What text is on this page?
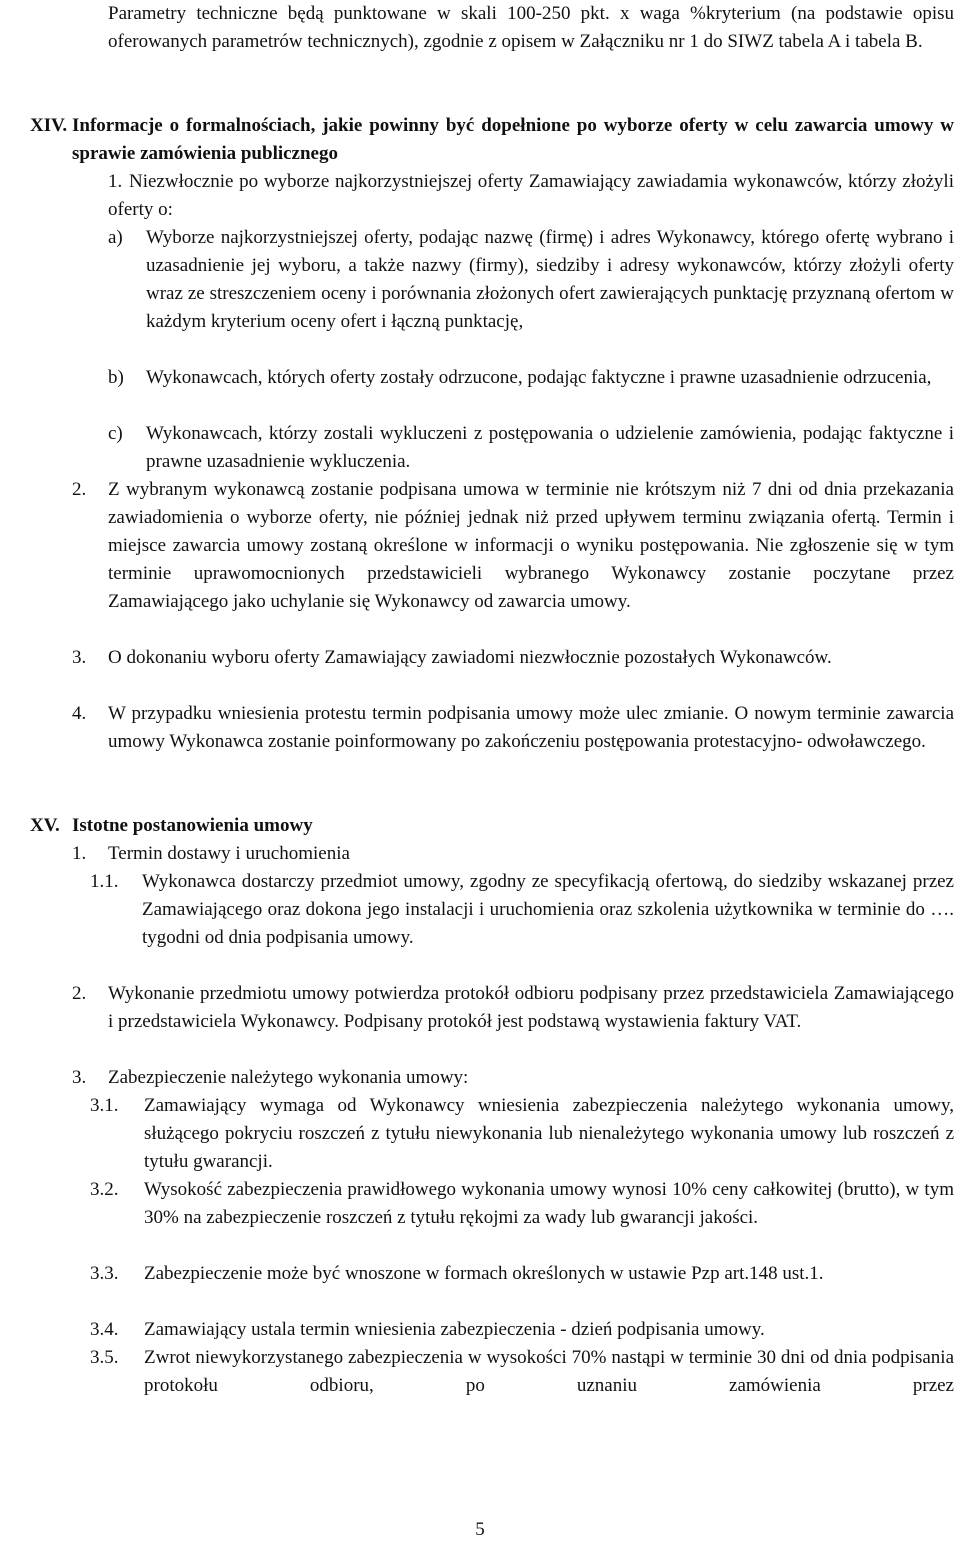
Parametry techniczne będą punktowane w skali 100-250 pkt. x waga %kryterium (na podstawie opisu oferowanych parametrów technicznych), zgodnie z opisem w Załączniku nr 1 do SIWZ tabela A i tabela B.
XIV. Informacje o formalnościach, jakie powinny być dopełnione po wyborze oferty w celu zawarcia umowy w sprawie zamówienia publicznego
1. Niezwłocznie po wyborze najkorzystniejszej oferty Zamawiający zawiadamia wykonawców, którzy złożyli oferty o:
a) Wyborze najkorzystniejszej oferty, podając nazwę (firmę) i adres Wykonawcy, którego ofertę wybrano i uzasadnienie jej wyboru, a także nazwy (firmy), siedziby i adresy wykonawców, którzy złożyli oferty wraz ze streszczeniem oceny i porównania złożonych ofert zawierających punktację przyznaną ofertom w każdym kryterium oceny ofert i łączną punktację,
b) Wykonawcach, których oferty zostały odrzucone, podając faktyczne i prawne uzasadnienie odrzucenia,
c) Wykonawcach, którzy zostali wykluczeni z postępowania o udzielenie zamówienia, podając faktyczne i prawne uzasadnienie wykluczenia.
2. Z wybranym wykonawcą zostanie podpisana umowa w terminie nie krótszym niż 7 dni od dnia przekazania zawiadomienia o wyborze oferty, nie później jednak niż przed upływem terminu związania ofertą. Termin i miejsce zawarcia umowy zostaną określone w informacji o wyniku postępowania. Nie zgłoszenie się w tym terminie uprawomocnionych przedstawicieli wybranego Wykonawcy zostanie poczytane przez Zamawiającego jako uchylanie się Wykonawcy od zawarcia umowy.
3. O dokonaniu wyboru oferty Zamawiający zawiadomi niezwłocznie pozostałych Wykonawców.
4. W przypadku wniesienia protestu termin podpisania umowy może ulec zmianie. O nowym terminie zawarcia umowy Wykonawca zostanie poinformowany po zakończeniu postępowania protestacyjno- odwoławczego.
XV. Istotne postanowienia umowy
1. Termin dostawy i uruchomienia
1.1. Wykonawca dostarczy przedmiot umowy, zgodny ze specyfikacją ofertową, do siedziby wskazanej przez Zamawiającego oraz dokona jego instalacji i uruchomienia oraz szkolenia użytkownika w terminie do …. tygodni od dnia podpisania umowy.
2. Wykonanie przedmiotu umowy potwierdza protokół odbioru podpisany przez przedstawiciela Zamawiającego i przedstawiciela Wykonawcy. Podpisany protokół jest podstawą wystawienia faktury VAT.
3. Zabezpieczenie należytego wykonania umowy:
3.1. Zamawiający wymaga od Wykonawcy wniesienia zabezpieczenia należytego wykonania umowy, służącego pokryciu roszczeń z tytułu niewykonania lub nienależytego wykonania umowy lub roszczeń z tytułu gwarancji.
3.2. Wysokość zabezpieczenia prawidłowego wykonania umowy wynosi 10% ceny całkowitej (brutto), w tym 30% na zabezpieczenie roszczeń z tytułu rękojmi za wady lub gwarancji jakości.
3.3. Zabezpieczenie może być wnoszone w formach określonych w ustawie Pzp art.148 ust.1.
3.4. Zamawiający ustala termin wniesienia zabezpieczenia - dzień podpisania umowy.
3.5. Zwrot niewykorzystanego zabezpieczenia w wysokości 70% nastąpi w terminie 30 dni od dnia podpisania protokołu odbioru, po uznaniu zamówienia przez
5
